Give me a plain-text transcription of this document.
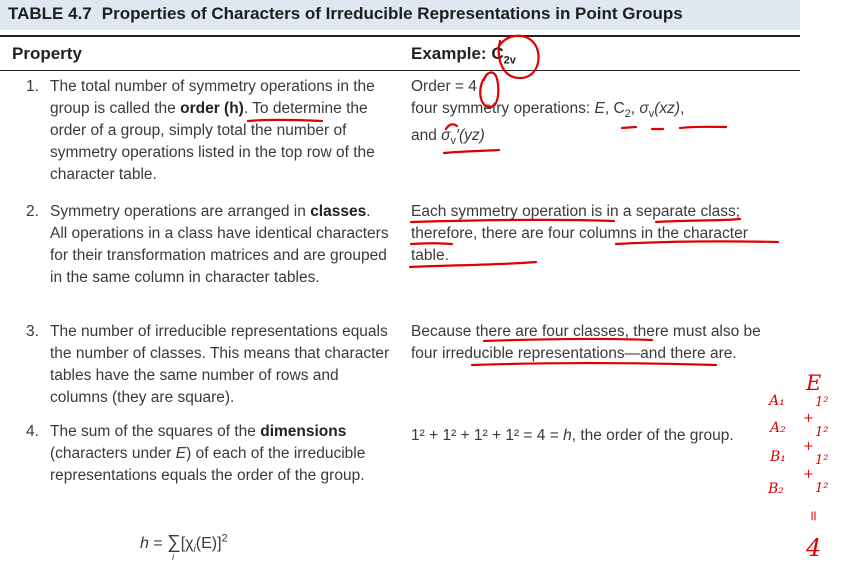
TABLE 4.7 Properties of Characters of Irreducible Representations in Point Groups
Property	Example: $C_{2v}$
1. The total number of symmetry operations in the group is called the order (h). To determine the order of a group, simply total the number of symmetry operations listed in the top row of the character table.
Order = 4
four symmetry operations: E, $C_2$, $\sigma_v(xz)$,
and $\sigma_v'(yz)$
2. Symmetry operations are arranged in classes. All operations in a class have identical characters for their transformation matrices and are grouped in the same column in character tables.
Each symmetry operation is in a separate class; therefore, there are four columns in the character table.
3. The number of irreducible representations equals the number of classes. This means that character tables have the same number of rows and columns (they are square).
Because there are four classes, there must also be four irreducible representations—and there are.
4. The sum of the squares of the dimensions (characters under E) of each of the irreducible representations equals the order of the group.
1² + 1² + 1² + 1² = 4 = h, the order of the group.
h = ∑
i
$[\chi_i(E)]^2$
E
A₁
A₂
B₁
B₂
1²
1²
1²
1²
+
+
+
=
4
